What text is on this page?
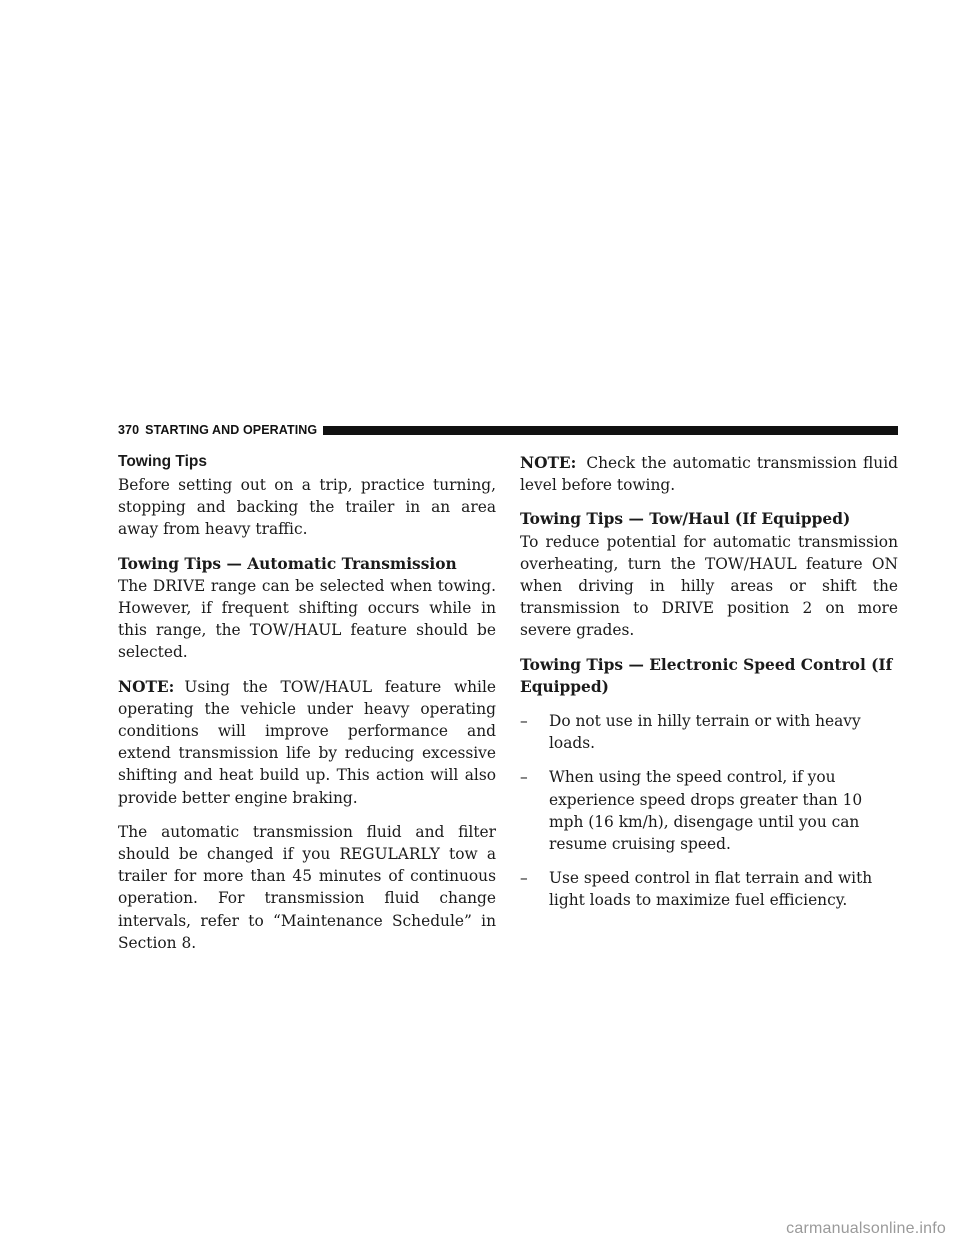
370 STARTING AND OPERATING
Towing Tips

Before setting out on a trip, practice turning, stopping and backing the trailer in an area away from heavy traffic.

Towing Tips — Automatic Transmission

The DRIVE range can be selected when towing. However, if frequent shifting occurs while in this range, the TOW/HAUL feature should be selected.

NOTE: Using the TOW/HAUL feature while operating the vehicle under heavy operating conditions will improve performance and extend transmission life by reducing excessive shifting and heat build up. This action will also provide better engine braking.

The automatic transmission fluid and filter should be changed if you REGULARLY tow a trailer for more than 45 minutes of continuous operation. For transmission fluid change intervals, refer to “Maintenance Schedule” in Section 8.

NOTE: Check the automatic transmission fluid level before towing.

Towing Tips — Tow/Haul (If Equipped)

To reduce potential for automatic transmission overheating, turn the TOW/HAUL feature ON when driving in hilly areas or shift the transmission to DRIVE position 2 on more severe grades.

Towing Tips — Electronic Speed Control (If Equipped)
– Do not use in hilly terrain or with heavy loads.
– When using the speed control, if you experience speed drops greater than 10 mph (16 km/h), disengage until you can resume cruising speed.
– Use speed control in flat terrain and with light loads to maximize fuel efficiency.
carmanualsonline.info
